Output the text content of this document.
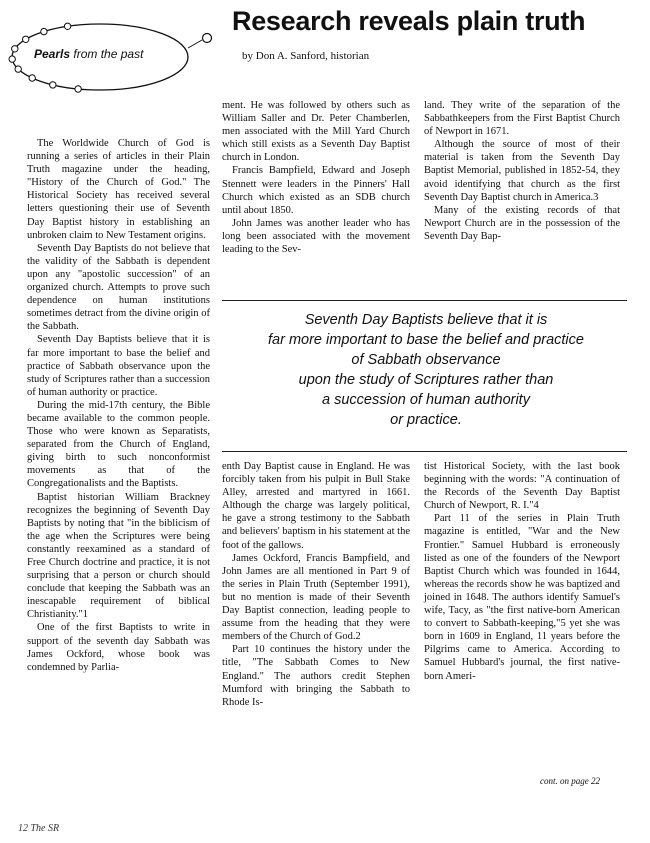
Pearls from the past
Research reveals plain truth
by Don A. Sanford, historian

The Worldwide Church of God is running a series of articles in their Plain Truth magazine under the heading, "History of the Church of God." The Historical Society has received several letters questioning their use of Seventh Day Baptist history in establishing an unbroken claim to New Testament origins.

Seventh Day Baptists do not believe that the validity of the Sabbath is dependent upon any "apostolic succession" of an organized church. Attempts to prove such dependence on human institutions sometimes detract from the divine origin of the Sabbath.

Seventh Day Baptists believe that it is far more important to base the belief and practice of Sabbath observance upon the study of Scriptures rather than a succession of human authority or practice.

During the mid-17th century, the Bible became available to the common people. Those who were known as Separatists, separated from the Church of England, giving birth to such nonconformist movements as that of the Congregationalists and the Baptists.

Baptist historian William Brackney recognizes the beginning of Seventh Day Baptists by noting that "in the biblicism of the age when the Scriptures were being constantly reexamined as a standard of Free Church doctrine and practice, it is not surprising that a person or church should conclude that keeping the Sabbath was an inescapable requirement of biblical Christianity."1

One of the first Baptists to write in support of the seventh day Sabbath was James Ockford, whose book was condemned by Parlia-

ment. He was followed by others such as William Saller and Dr. Peter Chamberlen, men associated with the Mill Yard Church which still exists as a Seventh Day Baptist church in London.

Francis Bampfield, Edward and Joseph Stennett were leaders in the Pinners' Hall Church which existed as an SDB church until about 1850.

John James was another leader who has long been associated with the movement leading to the Sev-

land. They write of the separation of the Sabbathkeepers from the First Baptist Church of Newport in 1671.

Although the source of most of their material is taken from the Seventh Day Baptist Memorial, published in 1852-54, they avoid identifying that church as the first Seventh Day Baptist church in America.3

Many of the existing records of that Newport Church are in the possession of the Seventh Day Bap-

Seventh Day Baptists believe that it is
far more important to base the belief and practice
of Sabbath observance
upon the study of Scriptures rather than
a succession of human authority
or practice.

enth Day Baptist cause in England. He was forcibly taken from his pulpit in Bull Stake Alley, arrested and martyred in 1661. Although the charge was largely political, he gave a strong testimony to the Sabbath and believers' baptism in his statement at the foot of the gallows.

James Ockford, Francis Bampfield, and John James are all mentioned in Part 9 of the series in Plain Truth (September 1991), but no mention is made of their Seventh Day Baptist connection, leading people to assume from the heading that they were members of the Church of God.2

Part 10 continues the history under the title, "The Sabbath Comes to New England." The authors credit Stephen Mumford with bringing the Sabbath to Rhode Is-

tist Historical Society, with the last book beginning with the words: "A continuation of the Records of the Seventh Day Baptist Church of Newport, R. I."4

Part 11 of the series in Plain Truth magazine is entitled, "War and the New Frontier." Samuel Hubbard is erroneously listed as one of the founders of the Newport Baptist Church which was founded in 1644, whereas the records show he was baptized and joined in 1648. The authors identify Samuel's wife, Tacy, as "the first native-born American to convert to Sabbath-keeping,"5 yet she was born in 1609 in England, 11 years before the Pilgrims came to America. According to Samuel Hubbard's journal, the first native-born Ameri-

cont. on page 22
12 The SR
